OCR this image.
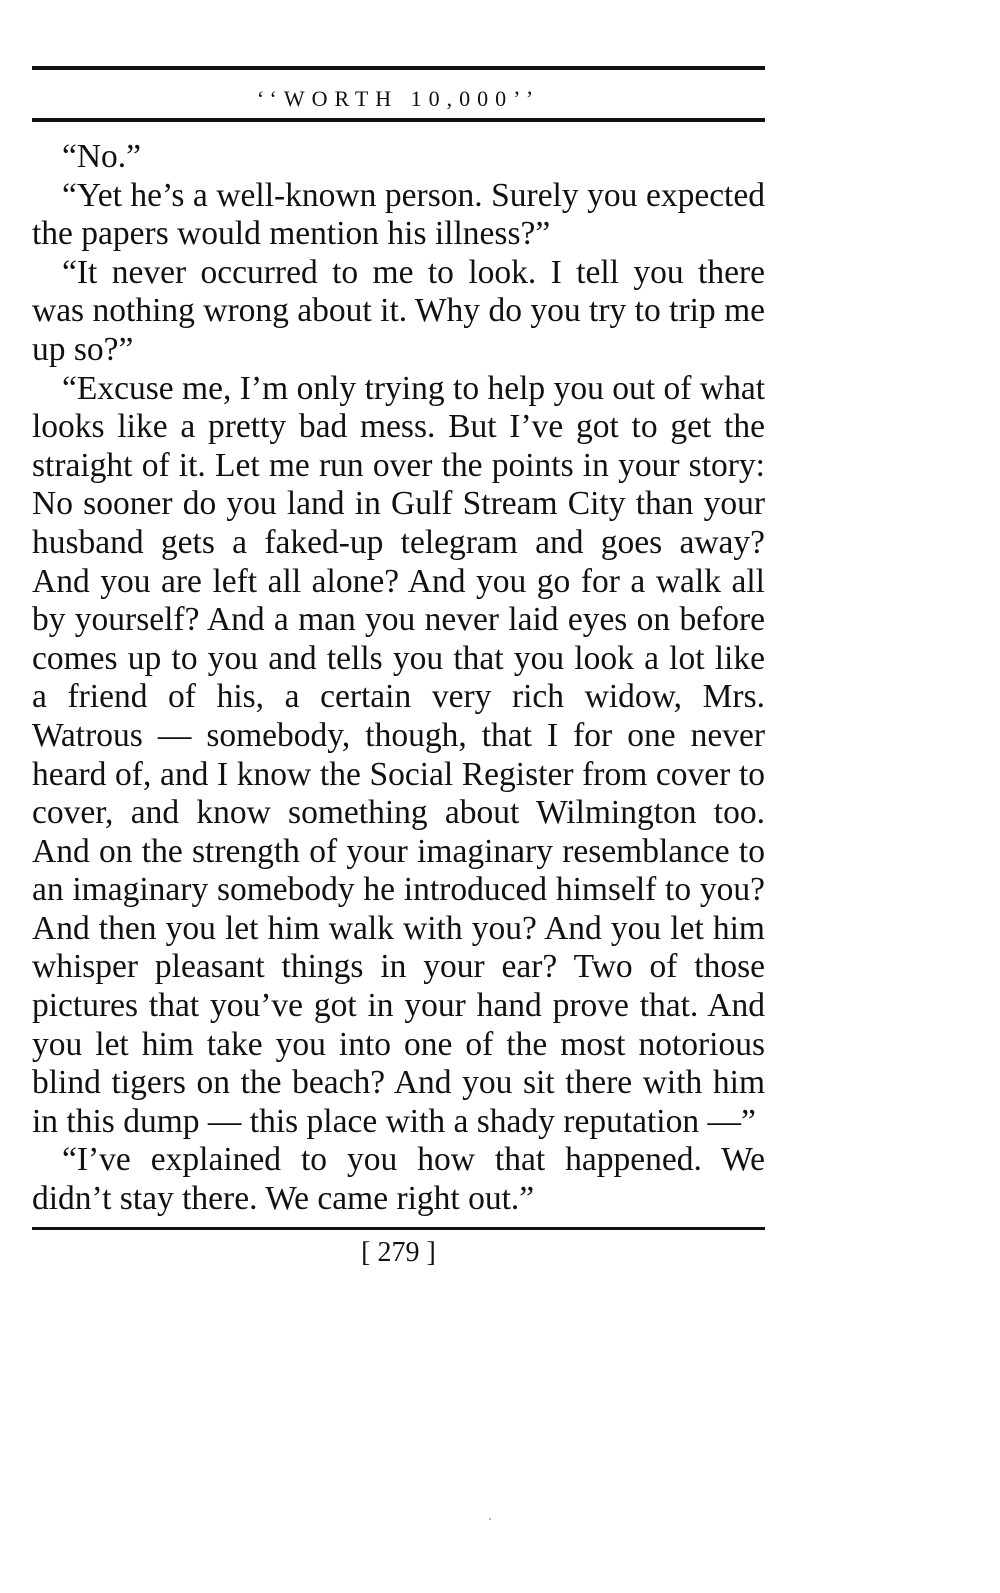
‘‘WORTH 10,000’’

“No.”

“Yet he’s a well-known person. Surely you expected the papers would mention his illness?”

“It never occurred to me to look. I tell you there was nothing wrong about it. Why do you try to trip me up so?”

“Excuse me, I’m only trying to help you out of what looks like a pretty bad mess. But I’ve got to get the straight of it. Let me run over the points in your story: No sooner do you land in Gulf Stream City than your husband gets a faked-up telegram and goes away? And you are left all alone? And you go for a walk all by yourself? And a man you never laid eyes on before comes up to you and tells you that you look a lot like a friend of his, a certain very rich widow, Mrs. Watrous — somebody, though, that I for one never heard of, and I know the Social Register from cover to cover, and know something about Wilmington too. And on the strength of your imaginary resemblance to an imaginary somebody he introduced himself to you? And then you let him walk with you? And you let him whisper pleasant things in your ear? Two of those pictures that you’ve got in your hand prove that. And you let him take you into one of the most notorious blind tigers on the beach? And you sit there with him in this dump — this place with a shady reputation —”

“I’ve explained to you how that happened. We didn’t stay there. We came right out.”

[ 279 ]
